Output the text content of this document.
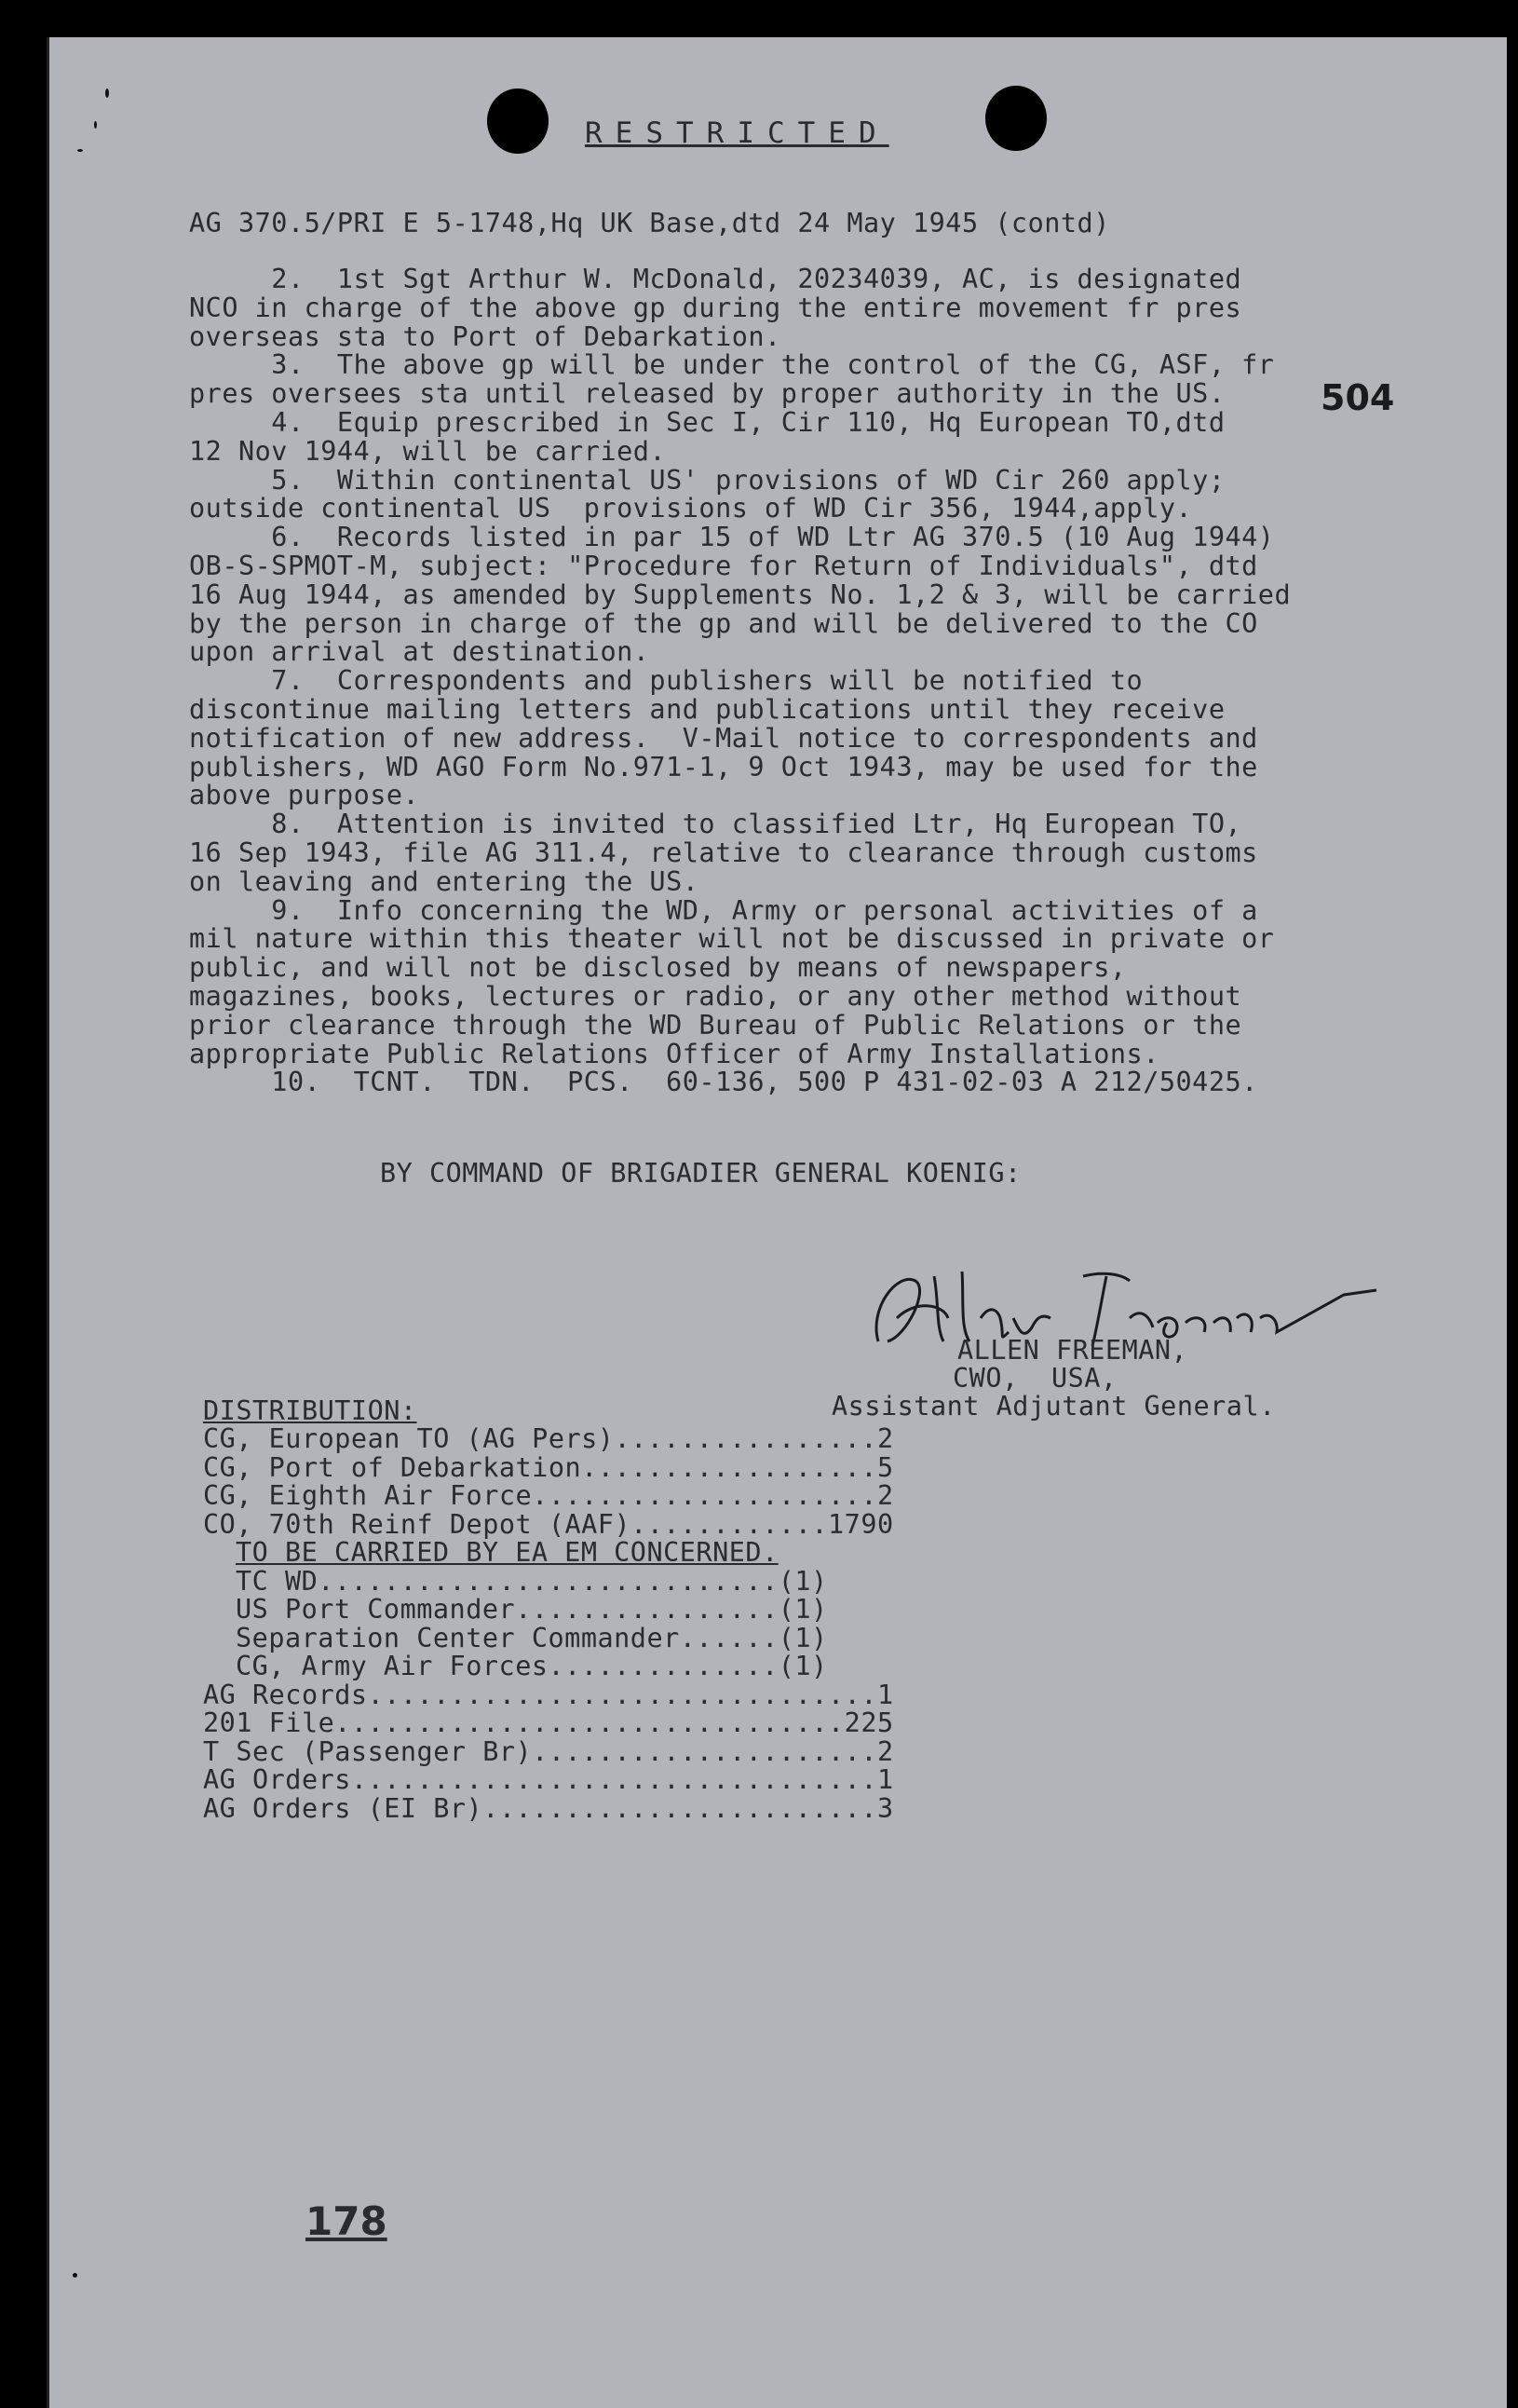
RESTRICTED
AG 370.5/PRI E 5-1748,Hq UK Base,dtd 24 May 1945 (contd)
2.  1st Sgt Arthur W. McDonald, 20234039, AC, is designated
NCO in charge of the above gp during the entire movement fr pres
overseas sta to Port of Debarkation.
3.  The above gp will be under the control of the CG, ASF, fr
pres oversees sta until released by proper authority in the US.
4.  Equip prescribed in Sec I, Cir 110, Hq European TO,dtd
12 Nov 1944, will be carried.
5.  Within continental US' provisions of WD Cir 260 apply;
outside continental US  provisions of WD Cir 356, 1944,apply.
6.  Records listed in par 15 of WD Ltr AG 370.5 (10 Aug 1944)
OB-S-SPMOT-M, subject: "Procedure for Return of Individuals", dtd
16 Aug 1944, as amended by Supplements No. 1,2 & 3, will be carried
by the person in charge of the gp and will be delivered to the CO
upon arrival at destination.
7.  Correspondents and publishers will be notified to
discontinue mailing letters and publications until they receive
notification of new address.  V-Mail notice to correspondents and
publishers, WD AGO Form No.971-1, 9 Oct 1943, may be used for the
above purpose.
8.  Attention is invited to classified Ltr, Hq European TO,
16 Sep 1943, file AG 311.4, relative to clearance through customs
on leaving and entering the US.
9.  Info concerning the WD, Army or personal activities of a
mil nature within this theater will not be discussed in private or
public, and will not be disclosed by means of newspapers,
magazines, books, lectures or radio, or any other method without
prior clearance through the WD Bureau of Public Relations or the
appropriate Public Relations Officer of Army Installations.
10.  TCNT.  TDN.  PCS.  60-136, 500 P 431-02-03 A 212/50425.
504
BY COMMAND OF BRIGADIER GENERAL KOENIG:
ALLEN FREEMAN,
CWO,  USA,
Assistant Adjutant General.
DISTRIBUTION:
CG, European TO (AG Pers)................2
CG, Port of Debarkation..................5
CG, Eighth Air Force.....................2
CO, 70th Reinf Depot (AAF)............1790
TO BE CARRIED BY EA EM CONCERNED.
TC WD............................(1)
US Port Commander................(1)
Separation Center Commander......(1)
CG, Army Air Forces..............(1)
AG Records...............................1
201 File...............................225
T Sec (Passenger Br).....................2
AG Orders................................1
AG Orders (EI Br)........................3
178
